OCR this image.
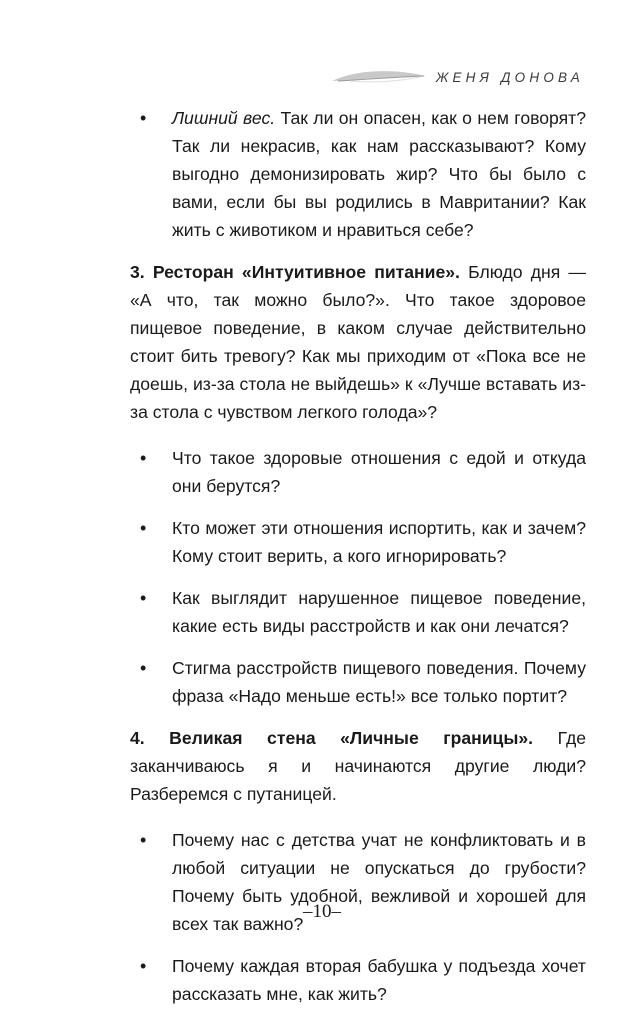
ЖЕНЯ ДОНОВА
• Лишний вес. Так ли он опасен, как о нем говорят? Так ли некрасив, как нам рассказывают? Кому выгодно демонизировать жир? Что бы было с вами, если бы вы родились в Мавритании? Как жить с животиком и нравиться себе?

3. Ресторан «Интуитивное питание». Блюдо дня — «А что, так можно было?». Что такое здоровое пищевое поведение, в каком случае действительно стоит бить тревогу? Как мы приходим от «Пока все не доешь, из-за стола не выйдешь» к «Лучше вставать из-за стола с чувством легкого голода»?

• Что такое здоровые отношения с едой и откуда они берутся?
• Кто может эти отношения испортить, как и зачем? Кому стоит верить, а кого игнорировать?
• Как выглядит нарушенное пищевое поведение, какие есть виды расстройств и как они лечатся?
• Стигма расстройств пищевого поведения. Почему фраза «Надо меньше есть!» все только портит?

4. Великая стена «Личные границы». Где заканчиваюсь я и начинаются другие люди? Разберемся с путаницей.

• Почему нас с детства учат не конфликтовать и в любой ситуации не опускаться до грубости? Почему быть удобной, вежливой и хорошей для всех так важно?
• Почему каждая вторая бабушка у подъезда хочет рассказать мне, как жить?
–10–
